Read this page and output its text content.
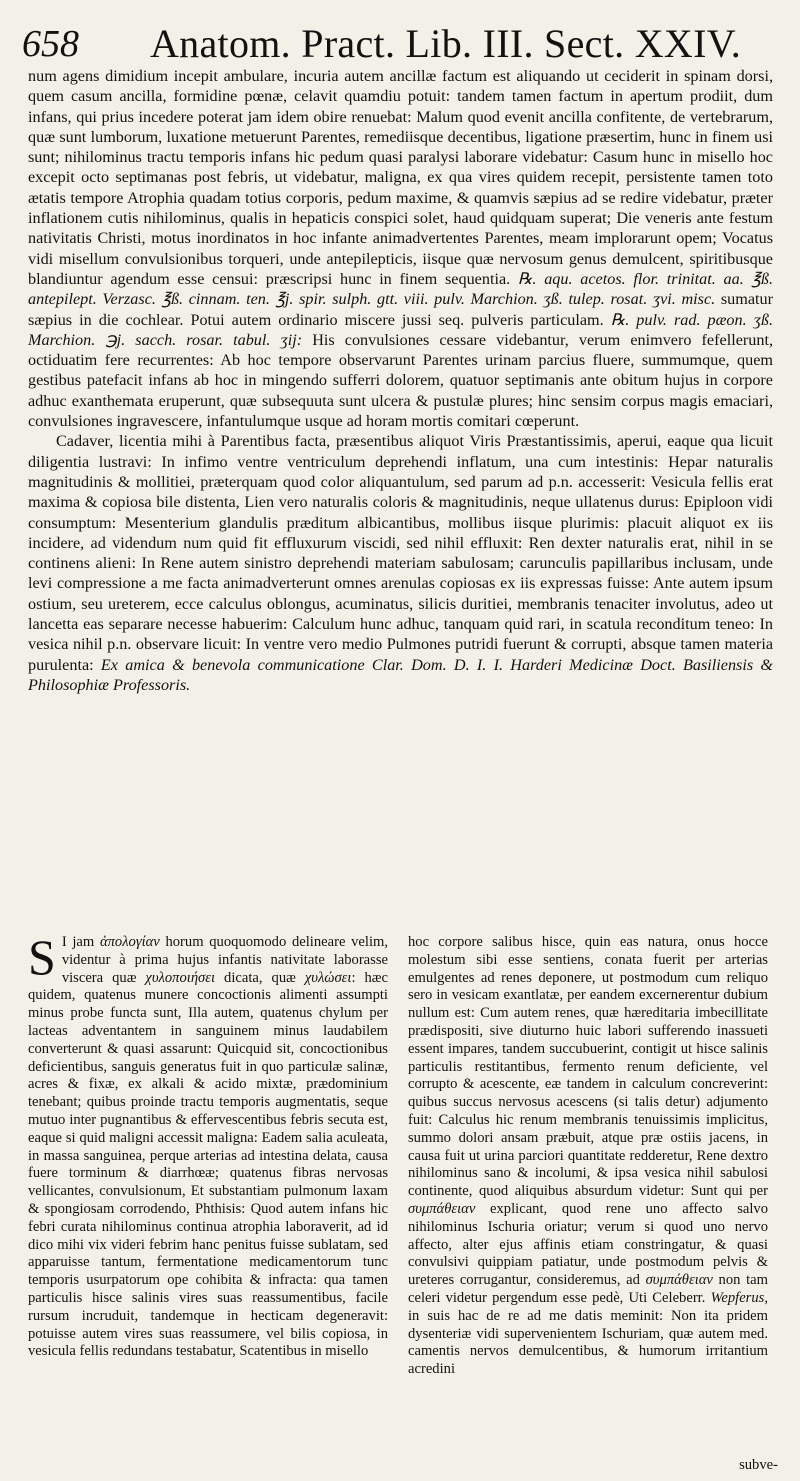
658 Anatom. Pract. Lib. III. Sect. XXIV.

num agens dimidium incepit ambulare, incuria autem ancillæ factum est aliquando ut ceciderit in spinam dorsi, quem casum ancilla, formidine pœnæ, celavit quamdiu potuit: tandem tamen factum in apertum prodiit, dum infans, qui prius incedere poterat jam idem obire renuebat: Malum quod evenit ancilla confitente, de vertebrarum, quæ sunt lumborum, luxatione metuerunt Parentes, remediisque decentibus, ligatione præsertim, hunc in finem usi sunt; nihilominus tractu temporis infans hic pedum quasi paralysi laborare videbatur: Casum hunc in misello hoc excepit octo septimanas post febris, ut videbatur, maligna, ex qua vires quidem recepit, persistente tamen toto ætatis tempore Atrophia quadam totius corporis, pedum maxime, & quamvis sæpius ad se redire videbatur, præter inflationem cutis nihilominus, qualis in hepaticis conspici solet, haud quidquam superat; Die veneris ante festum nativitatis Christi, motus inordinatos in hoc infante animadvertentes Parentes, meam implorarunt opem; Vocatus vidi misellum convulsionibus torqueri, unde antepilepticis, iisque quæ nervosum genus demulcent, spiritibusque blandiuntur agendum esse censui: præscripsi hunc in finem sequentia. ℞. aqu. acetos. flor. trinitat. aa. ℥ß. antepilept. Verzasc. ℥ß. cinnam. ten. ℥j. spir. sulph. gtt. viii. pulv. Marchion. ʒß. tulep. rosat. ʒvi. misc. sumatur sæpius in die cochlear. Potui autem ordinario miscere jussi seq. pulveris particulam. ℞. pulv. rad. pæon. ʒß. Marchion. ℈j. sacch. rosar. tabul. ʒij: His convulsiones cessare videbantur, verum enimvero fefellerunt, octiduatim fere recurrentes: Ab hoc tempore observarunt Parentes urinam parcius fluere, summumque, quem gestibus patefacit infans ab hoc in mingendo sufferri dolorem, quatuor septimanis ante obitum hujus in corpore adhuc exanthemata eruperunt, quæ subsequuta sunt ulcera & pustulæ plures; hinc sensim corpus magis emaciari, convulsiones ingravescere, infantulumque usque ad horam mortis comitari cœperunt.

Cadaver, licentia mihi à Parentibus facta, præsentibus aliquot Viris Præstantissimis, aperui, eaque qua licuit diligentia lustravi: In infimo ventre ventriculum deprehendi inflatum, una cum intestinis: Hepar naturalis magnitudinis & mollitiei, præterquam quod color aliquantulum, sed parum ad p.n. accesserit: Vesicula fellis erat maxima & copiosa bile distenta, Lien vero naturalis coloris & magnitudinis, neque ullatenus durus: Epiploon vidi consumptum: Mesenterium glandulis præditum albicantibus, mollibus iisque plurimis: placuit aliquot ex iis incidere, ad videndum num quid fit effluxurum viscidi, sed nihil effluxit: Ren dexter naturalis erat, nihil in se continens alieni: In Rene autem sinistro deprehendi materiam sabulosam; carunculis papillaribus inclusam, unde levi compressione a me facta animadverterunt omnes arenulas copiosas ex iis expressas fuisse: Ante autem ipsum ostium, seu ureterem, ecce calculus oblongus, acuminatus, silicis duritiei, membranis tenaciter involutus, adeo ut lancetta eas separare necesse habuerim: Calculum hunc adhuc, tanquam quid rari, in scatula reconditum teneo: In vesica nihil p.n. observare licuit: In ventre vero medio Pulmones putridi fuerunt & corrupti, absque tamen materia purulenta: Ex amica & benevola communicatione Clar. Dom. D. I. I. Harderi Medicinæ Doct. Basiliensis & Philosophiæ Professoris.

S I jam ἀπολογίαν horum quoquomodo delineare velim, videntur à prima hujus infantis nativitate laborasse viscera quæ χυλοποιήσει dicata, quæ χυλώσει: hæc quidem, quatenus munere concoctionis alimenti assumpti minus probe functa sunt, Illa autem, quatenus chylum per lacteas adventantem in sanguinem minus laudabilem converterunt & quasi assarunt: Quicquid sit, concoctionibus deficientibus, sanguis generatus fuit in quo particulæ salinæ, acres & fixæ, ex alkali & acido mixtæ, prædominium tenebant; quibus proinde tractu temporis augmentatis, seque mutuo inter pugnantibus & effervescentibus febris secuta est, eaque si quid maligni accessit maligna: Eadem salia aculeata, in massa sanguinea, perque arterias ad intestina delata, causa fuere torminum & diarrhœæ; quatenus fibras nervosas vellicantes, convulsionum, Et substantiam pulmonum laxam & spongiosam corrodendo, Phthisis: Quod autem infans hic febri curata nihilominus continua atrophia laboraverit, ad id dico mihi vix videri febrim hanc penitus fuisse sublatam, sed apparuisse tantum, fermentatione medicamentorum tunc temporis usurpatorum ope cohibita & infracta: qua tamen particulis hisce salinis vires suas reassumentibus, facile rursum incruduit, tandemque in hecticam degeneravit: potuisse autem vires suas reassumere, vel bilis copiosa, in vesicula fellis redundans testabatur, Scatentibus in misello

hoc corpore salibus hisce, quin eas natura, onus hocce molestum sibi esse sentiens, conata fuerit per arterias emulgentes ad renes deponere, ut postmodum cum reliquo sero in vesicam exantlatæ, per eandem excernerentur dubium nullum est: Cum autem renes, quæ hæreditaria imbecillitate prædispositi, sive diuturno huic labori sufferendo inassueti essent impares, tandem succubuerint, contigit ut hisce salinis particulis restitantibus, fermento renum deficiente, vel corrupto & acescente, eæ tandem in calculum concreverint: quibus succus nervosus acescens (si talis detur) adjumento fuit: Calculus hic renum membranis tenuissimis implicitus, summo dolori ansam præbuit, atque præ ostiis jacens, in causa fuit ut urina parciori quantitate redderetur, Rene dextro nihilominus sano & incolumi, & ipsa vesica nihil sabulosi continente, quod aliquibus absurdum videtur: Sunt qui per συμπάθειαν explicant, quod rene uno affecto salvo nihilominus Ischuria oriatur; verum si quod uno nervo affecto, alter ejus affinis etiam constringatur, & quasi convulsivi quippiam patiatur, unde postmodum pelvis & ureteres corrugantur, consideremus, ad συμπάθειαν non tam celeri videtur pergendum esse pedè, Uti Celeberr. Wepferus, in suis hac de re ad me datis meminit: Non ita pridem dysenteriæ vidi supervenientem Ischuriam, quæ autem med. camentis nervos demulcentibus, & humorum irritantium acredini

subve-
